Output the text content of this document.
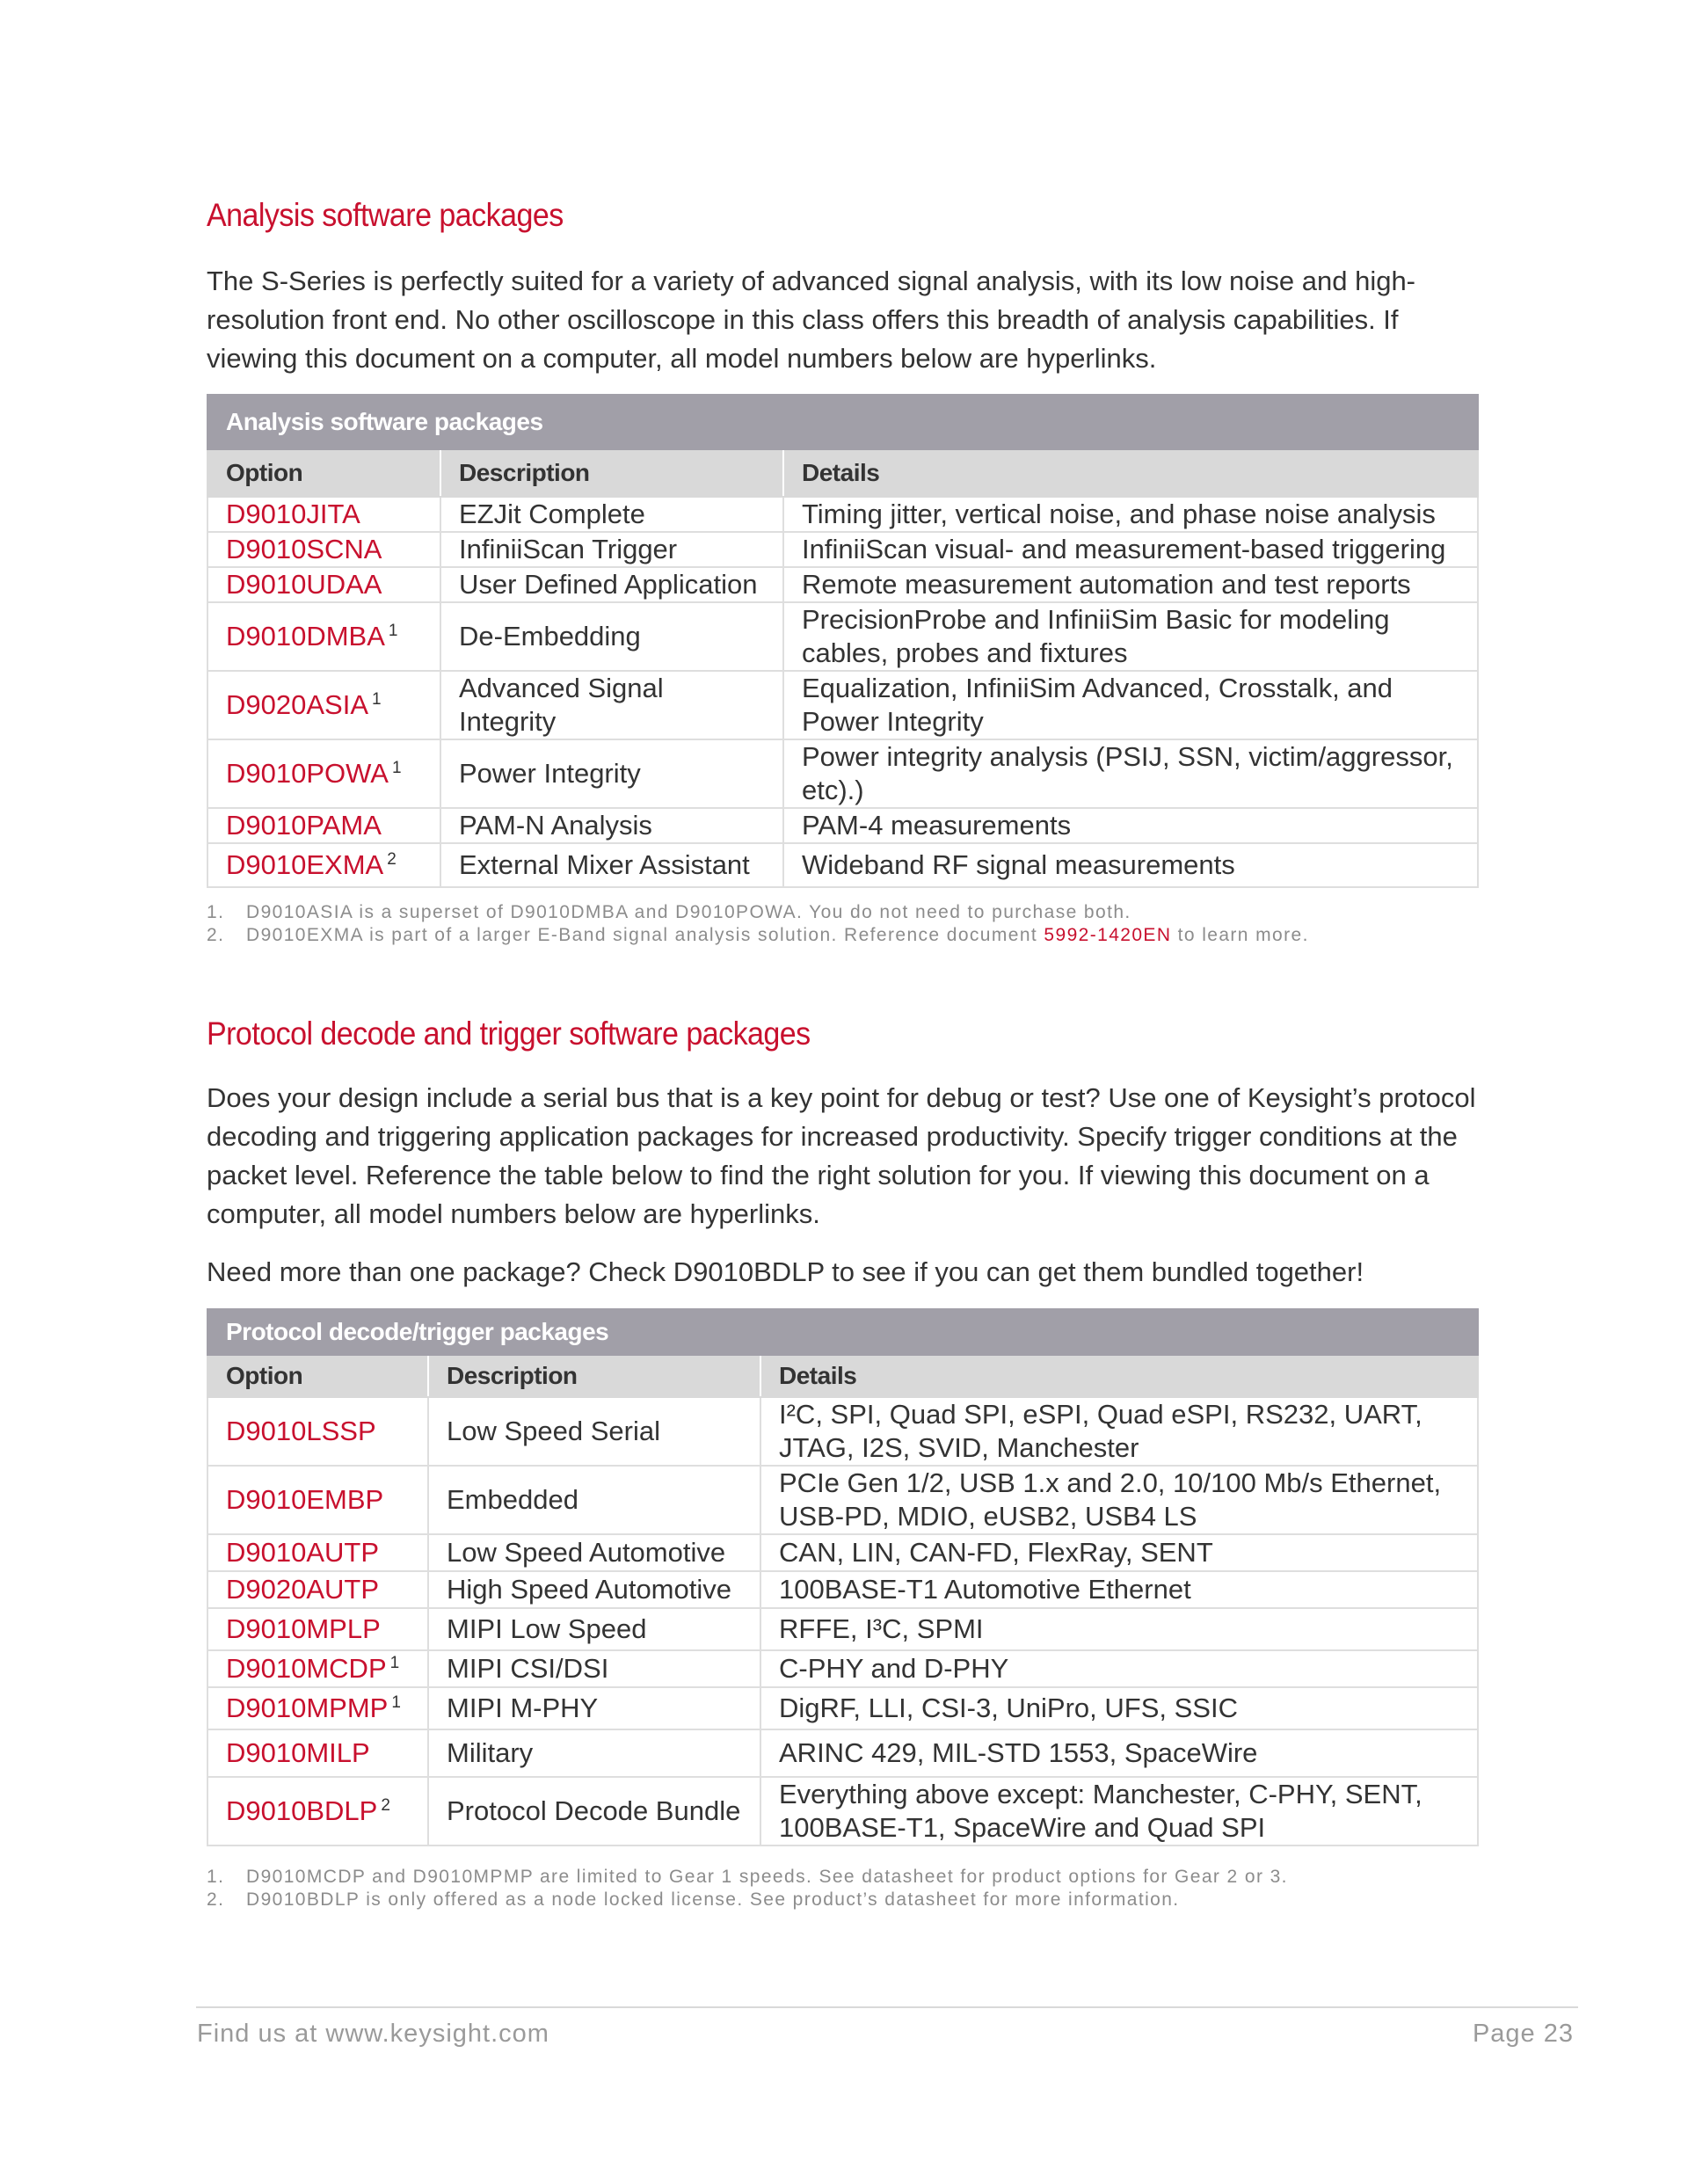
Analysis software packages

The S-Series is perfectly suited for a variety of advanced signal analysis, with its low noise and high-resolution front end. No other oscilloscope in this class offers this breadth of analysis capabilities. If viewing this document on a computer, all model numbers below are hyperlinks.

Analysis software packages		
Option	Description	Details
D9010JITA	EZJit Complete	Timing jitter, vertical noise, and phase noise analysis
D9010SCNA	InfiniiScan Trigger	InfiniiScan visual- and measurement-based triggering
D9010UDAA	User Defined Application	Remote measurement automation and test reports
D9010DMBA $^1$	De-Embedding	PrecisionProbe and InfiniiSim Basic for modeling cables, probes and fixtures
D9020ASIA $^1$	Advanced Signal Integrity	Equalization, InfiniiSim Advanced, Crosstalk, and Power Integrity
D9010POWA $^1$	Power Integrity	Power integrity analysis (PSIJ, SSN, victim/aggressor, etc).)
D9010PAMA	PAM-N Analysis	PAM-4 measurements
D9010EXMA $^2$	External Mixer Assistant	Wideband RF signal measurements
1.	D9010ASIA is a superset of D9010DMBA and D9010POWA. You do not need to purchase both.
2.	D9010EXMA is part of a larger E-Band signal analysis solution. Reference document 5992-1420EN to learn more.
Protocol decode and trigger software packages

Does your design include a serial bus that is a key point for debug or test? Use one of Keysight’s protocol decoding and triggering application packages for increased productivity. Specify trigger conditions at the packet level. Reference the table below to find the right solution for you. If viewing this document on a computer, all model numbers below are hyperlinks.

Need more than one package? Check D9010BDLP to see if you can get them bundled together!

Protocol decode/trigger packages		
Option	Description	Details
D9010LSSP	Low Speed Serial	I²C, SPI, Quad SPI, eSPI, Quad eSPI, RS232, UART, JTAG, I2S, SVID, Manchester
D9010EMBP	Embedded	PCIe Gen 1/2, USB 1.x and 2.0, 10/100 Mb/s Ethernet, USB-PD, MDIO, eUSB2, USB4 LS
D9010AUTP	Low Speed Automotive	CAN, LIN, CAN-FD, FlexRay, SENT
D9020AUTP	High Speed Automotive	100BASE-T1 Automotive Ethernet
D9010MPLP	MIPI Low Speed	RFFE, I³C, SPMI
D9010MCDP $^1$	MIPI CSI/DSI	C-PHY and D-PHY
D9010MPMP $^1$	MIPI M-PHY	DigRF, LLI, CSI-3, UniPro, UFS, SSIC
D9010MILP	Military	ARINC 429, MIL-STD 1553, SpaceWire
D9010BDLP $^2$	Protocol Decode Bundle	Everything above except: Manchester, C-PHY, SENT, 100BASE-T1, SpaceWire and Quad SPI
1.	D9010MCDP and D9010MPMP are limited to Gear 1 speeds. See datasheet for product options for Gear 2 or 3.
2.	D9010BDLP is only offered as a node locked license. See product’s datasheet for more information.
Find us at www.keysight.com	Page 23
